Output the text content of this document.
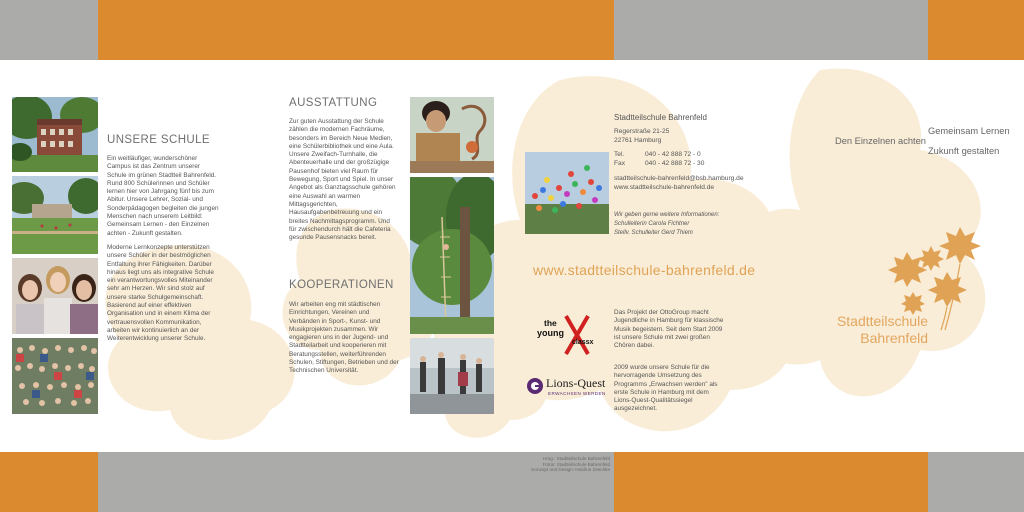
UNSERE SCHULE

Ein weitläufiger, wunderschöner Campus ist das Zentrum unserer Schule im grünen Stadtteil Bahrenfeld. Rund 800 Schülerinnen und Schüler lernen hier von Jahrgang fünf bis zum Abitur. Unsere Lehrer, Sozial- und Sonderpädagogen begleiten die jungen Menschen nach unserem Leitbild: Gemeinsam Lernen - den Einzelnen achten - Zukunft gestalten.

Moderne Lernkonzepte unterstützen unsere Schüler in der bestmöglichen Entfaltung ihrer Fähigkeiten. Darüber hinaus liegt uns als integrative Schule ein verantwortungsvolles Miteinander sehr am Herzen. Wir sind stolz auf unsere starke Schulgemeinschaft. Basierend auf einer effektiven Organisation und in einem Klima der vertrauensvollen Kommunikation, arbeiten wir kontinuierlich an der Weiterentwicklung unserer Schule.

AUSSTATTUNG
Zur guten Ausstattung der Schule zählen die modernen Fachräume, besonders im Bereich Neue Medien, eine Schülerbibliothek und eine Aula. Unsere Zweifach-Turnhalle, die Abenteuerhalle und der großzügige Pausenhof bieten viel Raum für Bewegung, Sport und Spiel. In unser Angebot als Ganztagsschule gehören eine Auswahl an warmen Mittagsgerichten, Hausaufgabenbetreuung und ein breites Nachmittagsprogramm. Und für zwischendurch hält die Cafeteria gesunde Pausensnacks bereit.
KOOPERATIONEN
Wir arbeiten eng mit städtischen Einrichtungen, Vereinen und Verbänden in Sport-, Kunst- und Musikprojekten zusammen. Wir engagieren uns in der Jugend- und Stadtteilarbeit und kooperieren mit Beratungsstellen, weiterführenden Schulen, Stiftungen, Betrieben und der Technischen Universität.
Stadtteilschule Bahrenfeld
Regerstraße 21-25
22761 Hamburg
Tel.	040 - 42 888 72 - 0
Fax	040 - 42 888 72 - 30
stadtteilschule-bahrenfeld@bsb.hamburg.de
www.stadtteilschule-bahrenfeld.de
Wir geben gerne weitere Informationen:
Schulleiterin Carola Fichtner
Stellv. Schulleiter Gerd Thiem
www.stadtteilschule-bahrenfeld.de
the
young
classx
Lions-Quest
ERWACHSEN WERDEN
Das Projekt der OttoGroup macht Jugendliche in Hamburg für klassische Musik begeistern. Seit dem Start 2009 ist unsere Schule mit zwei großen Chören dabei.
2009 wurde unsere Schule für die hervorragende Umsetzung des Programms „Erwachsen werden" als erste Schule in Hamburg mit dem Lions-Quest-Qualitätssiegel ausgezeichnet.
Hrsg.: Stadtteilschule Bahrenfeld
Fotos: Stadtteilschule Bahrenfeld
Konzept und Design: Heidrun Zeschke
Gemeinsam Lernen
Den Einzelnen achten
Zukunft gestalten
Stadtteilschule
Bahrenfeld
